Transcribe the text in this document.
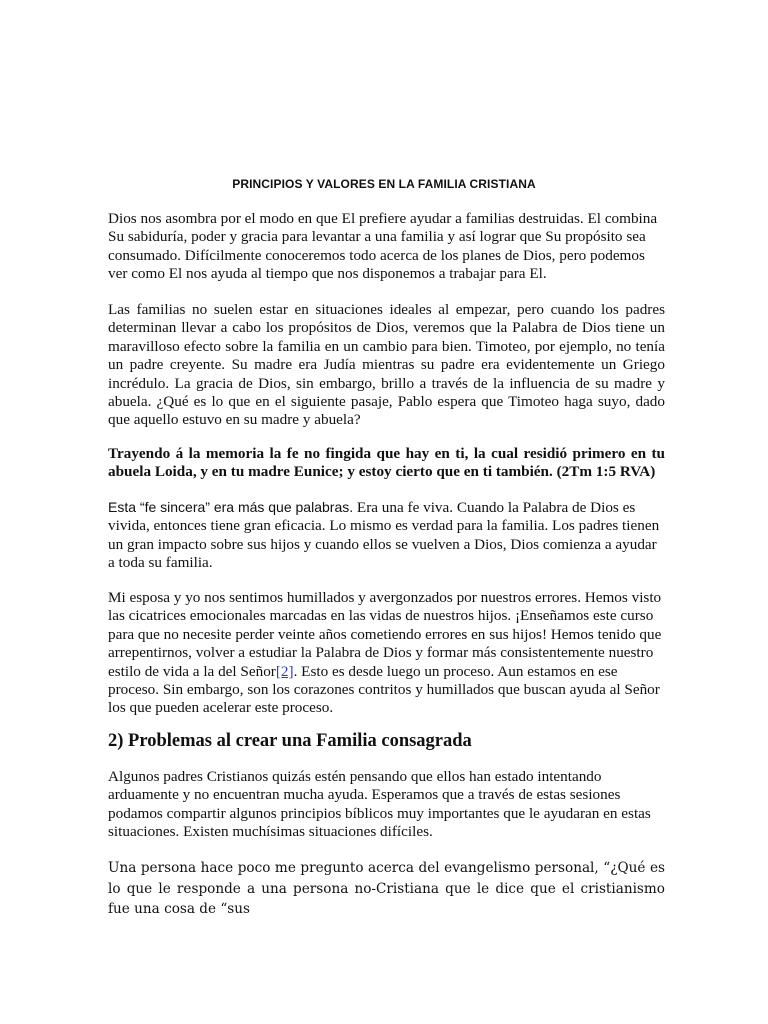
PRINCIPIOS Y VALORES EN LA FAMILIA CRISTIANA

Dios nos asombra por el modo en que El prefiere ayudar a familias destruidas. El combina Su sabiduría, poder y gracia para levantar a una familia y así lograr que Su propósito sea consumado. Difícilmente conoceremos todo acerca de los planes de Dios, pero podemos ver como El nos ayuda al tiempo que nos disponemos a trabajar para El.

Las familias no suelen estar en situaciones ideales al empezar, pero cuando los padres determinan llevar a cabo los propósitos de Dios, veremos que la Palabra de Dios tiene un maravilloso efecto sobre la familia en un cambio para bien. Timoteo, por ejemplo, no tenía un padre creyente. Su madre era Judía mientras su padre era evidentemente un Griego incrédulo. La gracia de Dios, sin embargo, brillo a través de la influencia de su madre y abuela. ¿Qué es lo que en el siguiente pasaje, Pablo espera que Timoteo haga suyo, dado que aquello estuvo en su madre y abuela?

Trayendo á la memoria la fe no fingida que hay en ti, la cual residió primero en tu abuela Loida, y en tu madre Eunice; y estoy cierto que en ti también. (2Tm 1:5 RVA)

Esta “fe sincera” era más que palabras. Era una fe viva. Cuando la Palabra de Dios es vivida, entonces tiene gran eficacia. Lo mismo es verdad para la familia. Los padres tienen un gran impacto sobre sus hijos y cuando ellos se vuelven a Dios, Dios comienza a ayudar a toda su familia.

Mi esposa y yo nos sentimos humillados y avergonzados por nuestros errores. Hemos visto las cicatrices emocionales marcadas en las vidas de nuestros hijos. ¡Enseñamos este curso para que no necesite perder veinte años cometiendo errores en sus hijos! Hemos tenido que arrepentirnos, volver a estudiar la Palabra de Dios y formar más consistentemente nuestro estilo de vida a la del Señor[2]. Esto es desde luego un proceso. Aun estamos en ese proceso. Sin embargo, son los corazones contritos y humillados que buscan ayuda al Señor los que pueden acelerar este proceso.

2) Problemas al crear una Familia consagrada

Algunos padres Cristianos quizás estén pensando que ellos han estado intentando arduamente y no encuentran mucha ayuda. Esperamos que a través de estas sesiones podamos compartir algunos principios bíblicos muy importantes que le ayudaran en estas situaciones. Existen muchísimas situaciones difíciles.

Una persona hace poco me pregunto acerca del evangelismo personal, “¿Qué es lo que le responde a una persona no-Cristiana que le dice que el cristianismo fue una cosa de “sus
